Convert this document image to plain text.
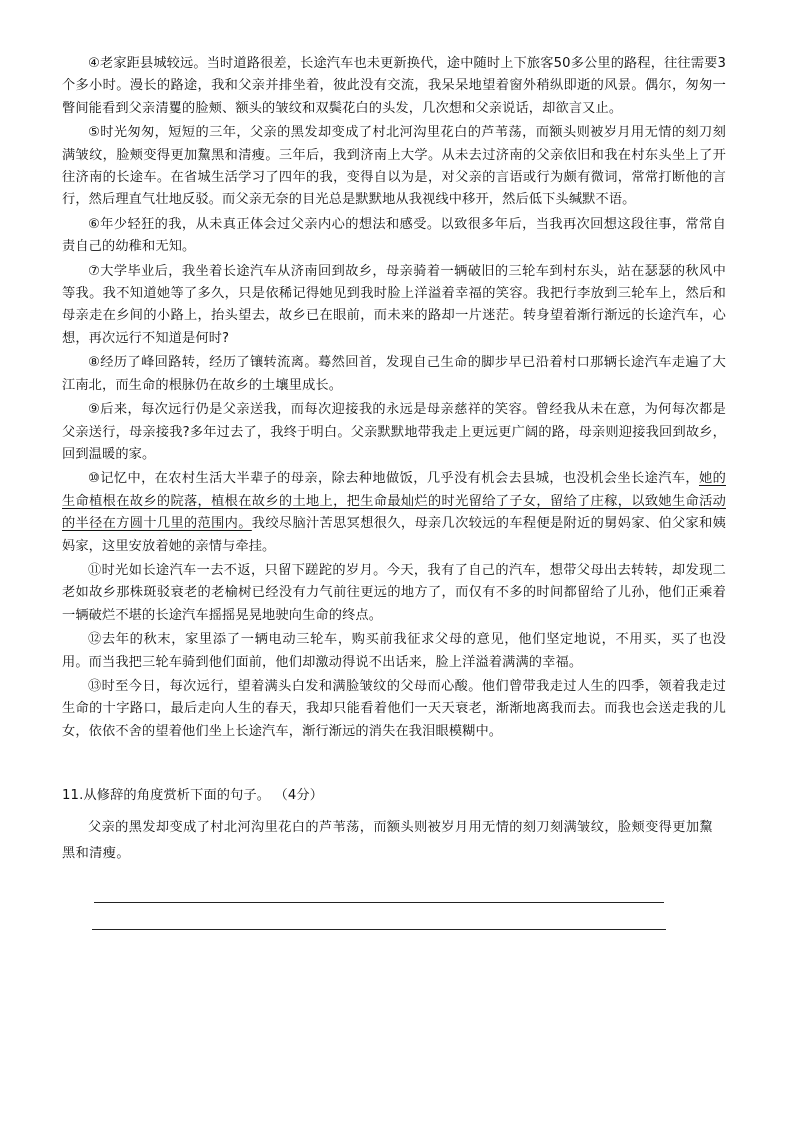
④老家距县城较远。当时道路很差，长途汽车也未更新换代，途中随时上下旅客50多公里的路程，往往需要3个多小时。漫长的路途，我和父亲并排坐着，彼此没有交流，我呆呆地望着窗外稍纵即逝的风景。偶尔，匆匆一瞥间能看到父亲清矍的脸颊、额头的皱纹和双鬓花白的头发，几次想和父亲说话，却欲言又止。

⑤时光匆匆，短短的三年，父亲的黑发却变成了村北河沟里花白的芦苇荡，而额头则被岁月用无情的刻刀刻满皱纹，脸颊变得更加黧黑和清瘦。三年后，我到济南上大学。从未去过济南的父亲依旧和我在村东头坐上了开往济南的长途车。在省城生活学习了四年的我，变得自以为是，对父亲的言语或行为颇有微词，常常打断他的言行，然后理直气壮地反驳。而父亲无奈的目光总是默默地从我视线中移开，然后低下头缄默不语。

⑥年少轻狂的我，从未真正体会过父亲内心的想法和感受。以致很多年后，当我再次回想这段往事，常常自责自己的幼稚和无知。

⑦大学毕业后，我坐着长途汽车从济南回到故乡，母亲骑着一辆破旧的三轮车到村东头，站在瑟瑟的秋风中等我。我不知道她等了多久，只是依稀记得她见到我时脸上洋溢着幸福的笑容。我把行李放到三轮车上，然后和母亲走在乡间的小路上，抬头望去，故乡已在眼前，而未来的路却一片迷茫。转身望着渐行渐远的长途汽车，心想，再次远行不知道是何时?

⑧经历了峰回路转，经历了镶转流离。蓦然回首，发现自己生命的脚步早已沿着村口那辆长途汽车走遍了大江南北，而生命的根脉仍在故乡的土壤里成长。

⑨后来，每次远行仍是父亲送我，而每次迎接我的永远是母亲慈祥的笑容。曾经我从未在意，为何每次都是父亲送行，母亲接我?多年过去了，我终于明白。父亲默默地带我走上更远更广阔的路，母亲则迎接我回到故乡，回到温暖的家。

⑩记忆中，在农村生活大半辈子的母亲，除去种地做饭，几乎没有机会去县城，也没机会坐长途汽车，她的生命植根在故乡的院落，植根在故乡的土地上，把生命最灿烂的时光留给了子女，留给了庄稼，以致她生命活动的半径在方圆十几里的范围内。我绞尽脑汁苦思冥想很久，母亲几次较远的车程便是附近的舅妈家、伯父家和姨妈家，这里安放着她的亲情与牵挂。

⑪时光如长途汽车一去不返，只留下蹉跎的岁月。今天，我有了自己的汽车，想带父母出去转转，却发现二老如故乡那株斑驳衰老的老榆树已经没有力气前往更远的地方了，而仅有不多的时间都留给了儿孙，他们正乘着一辆破烂不堪的长途汽车摇摇晃晃地驶向生命的终点。

⑫去年的秋末，家里添了一辆电动三轮车，购买前我征求父母的意见，他们坚定地说，不用买，买了也没用。而当我把三轮车骑到他们面前，他们却激动得说不出话来，脸上洋溢着满满的幸福。

⑬时至今日，每次远行，望着满头白发和满脸皱纹的父母而心酸。他们曾带我走过人生的四季，领着我走过生命的十字路口，最后走向人生的春天，我却只能看着他们一天天衰老，渐渐地离我而去。而我也会送走我的儿女，依依不舍的望着他们坐上长途汽车，渐行渐远的消失在我泪眼模糊中。

11.从修辞的角度赏析下面的句子。 （4分）
父亲的黑发却变成了村北河沟里花白的芦苇荡，而额头则被岁月用无情的刻刀刻满皱纹，脸颊变得更加黧黑和清瘦。
